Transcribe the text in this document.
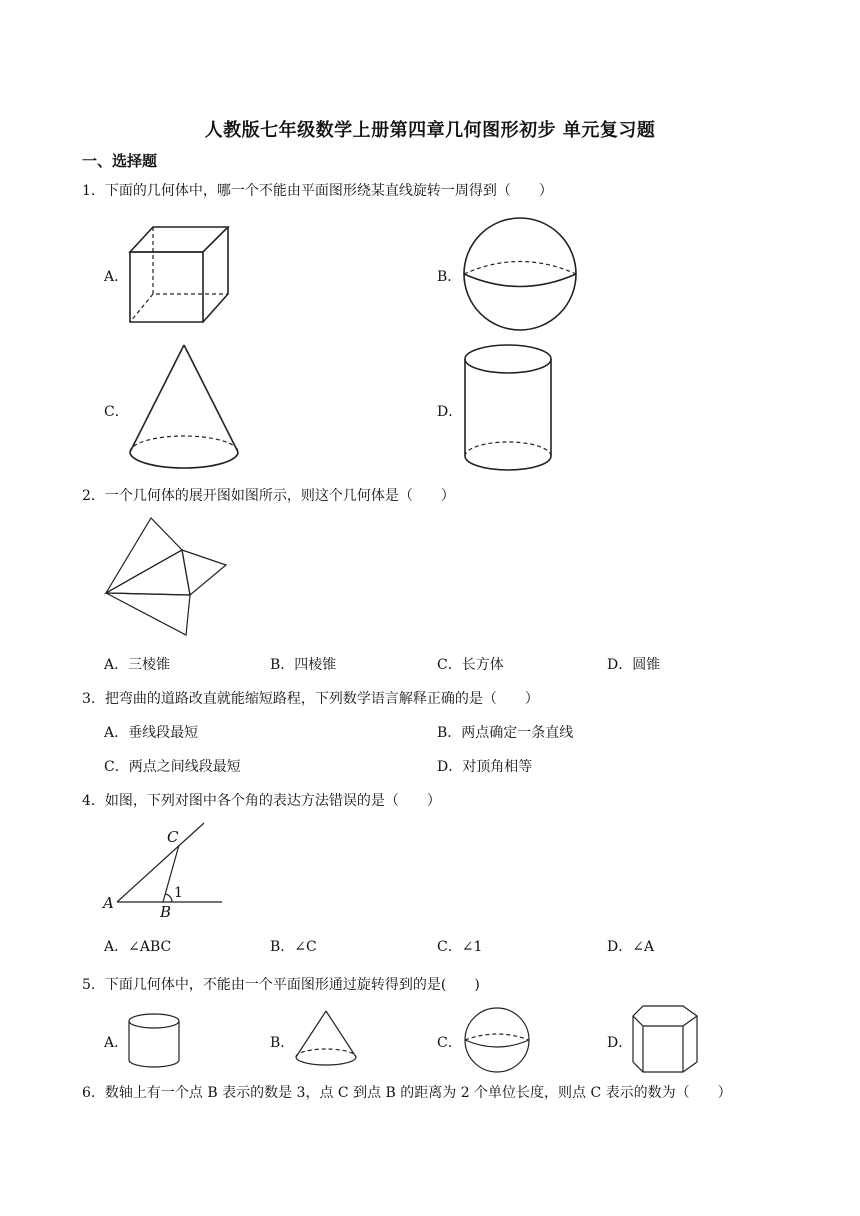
人教版七年级数学上册第四章几何图形初步 单元复习题
一、选择题
1．下面的几何体中，哪一个不能由平面图形绕某直线旋转一周得到（　　）
A．	B．
C．	D．
2．一个几何体的展开图如图所示，则这个几何体是（　　）
A．三棱锥	B．四棱锥	C．长方体	D．圆锥
3．把弯曲的道路改直就能缩短路程，下列数学语言解释正确的是（　　）
A．垂线段最短	B．两点确定一条直线
C．两点之间线段最短	D．对顶角相等
4．如图，下列对图中各个角的表达方法错误的是（　　）
C
A	B
1
A．∠ABC	B．∠C	C．∠1	D．∠A
5．下面几何体中，不能由一个平面图形通过旋转得到的是(　　)
A．	B．	C．	D．
6．数轴上有一个点 B 表示的数是 3，点 C 到点 B 的距离为 2 个单位长度，则点 C 表示的数为（　　）
